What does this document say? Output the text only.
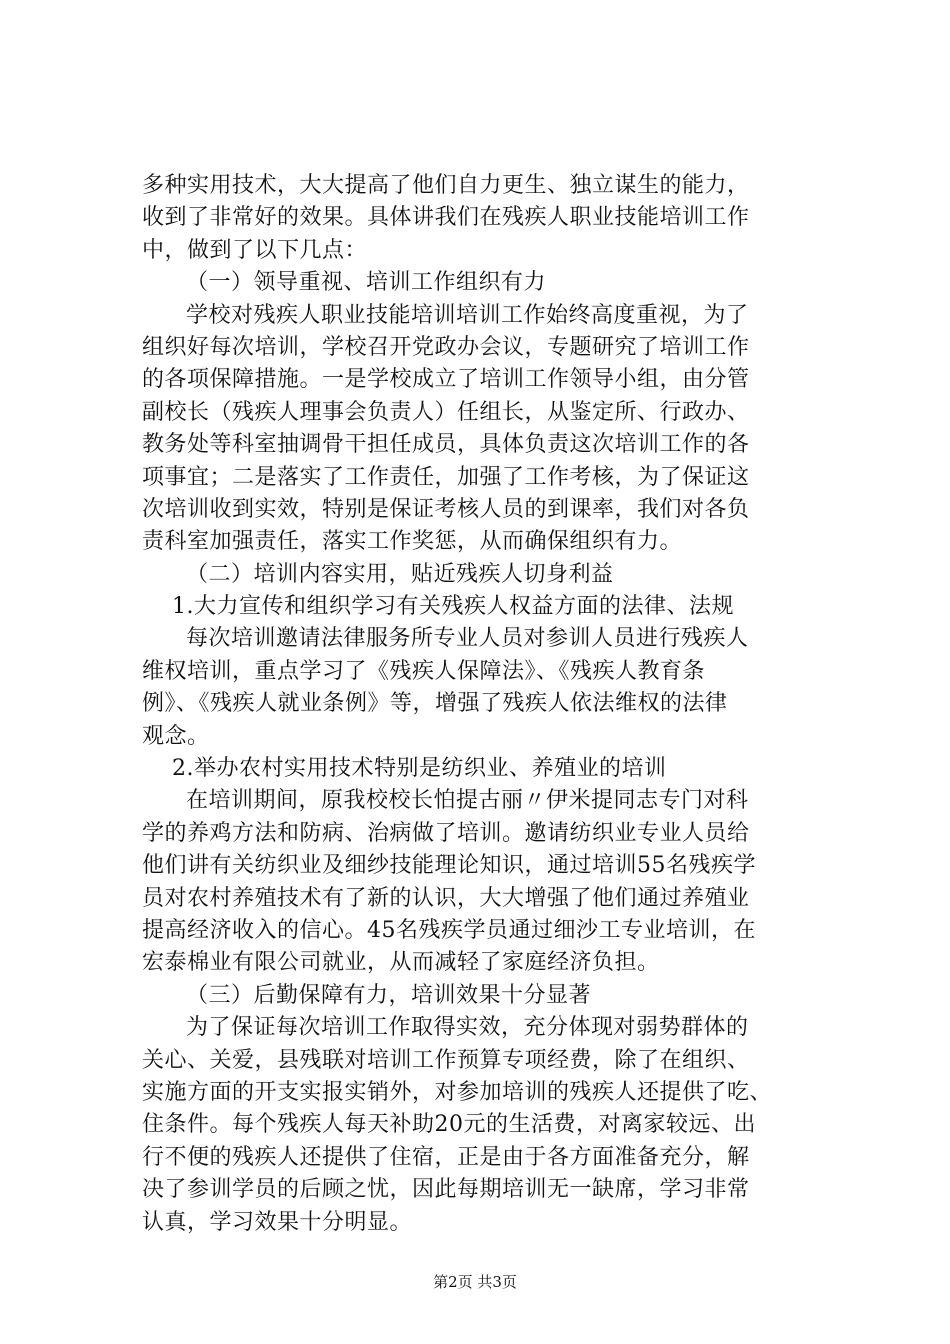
多种实用技术，大大提高了他们自力更生、独立谋生的能力，
收到了非常好的效果。具体讲我们在残疾人职业技能培训工作
中，做到了以下几点：
（一）领导重视、培训工作组织有力
学校对残疾人职业技能培训培训工作始终高度重视，为了
组织好每次培训，学校召开党政办会议，专题研究了培训工作
的各项保障措施。一是学校成立了培训工作领导小组，由分管
副校长（残疾人理事会负责人）任组长，从鉴定所、行政办、
教务处等科室抽调骨干担任成员，具体负责这次培训工作的各
项事宜；二是落实了工作责任，加强了工作考核，为了保证这
次培训收到实效，特别是保证考核人员的到课率，我们对各负
责科室加强责任，落实工作奖惩，从而确保组织有力。
（二）培训内容实用，贴近残疾人切身利益
1.大力宣传和组织学习有关残疾人权益方面的法律、法规
每次培训邀请法律服务所专业人员对参训人员进行残疾人
维权培训，重点学习了《残疾人保障法》、《残疾人教育条
例》、《残疾人就业条例》等，增强了残疾人依法维权的法律
观念。
2.举办农村实用技术特别是纺织业、养殖业的培训
在培训期间，原我校校长怕提古丽〃伊米提同志专门对科
学的养鸡方法和防病、治病做了培训。邀请纺织业专业人员给
他们讲有关纺织业及细纱技能理论知识，通过培训55名残疾学
员对农村养殖技术有了新的认识，大大增强了他们通过养殖业
提高经济收入的信心。45名残疾学员通过细沙工专业培训，在
宏泰棉业有限公司就业，从而减轻了家庭经济负担。
（三）后勤保障有力，培训效果十分显著
为了保证每次培训工作取得实效，充分体现对弱势群体的
关心、关爱，县残联对培训工作预算专项经费，除了在组织、
实施方面的开支实报实销外，对参加培训的残疾人还提供了吃、
住条件。每个残疾人每天补助20元的生活费，对离家较远、出
行不便的残疾人还提供了住宿，正是由于各方面准备充分，解
决了参训学员的后顾之忧，因此每期培训无一缺席，学习非常
认真，学习效果十分明显。
第2页 共3页
